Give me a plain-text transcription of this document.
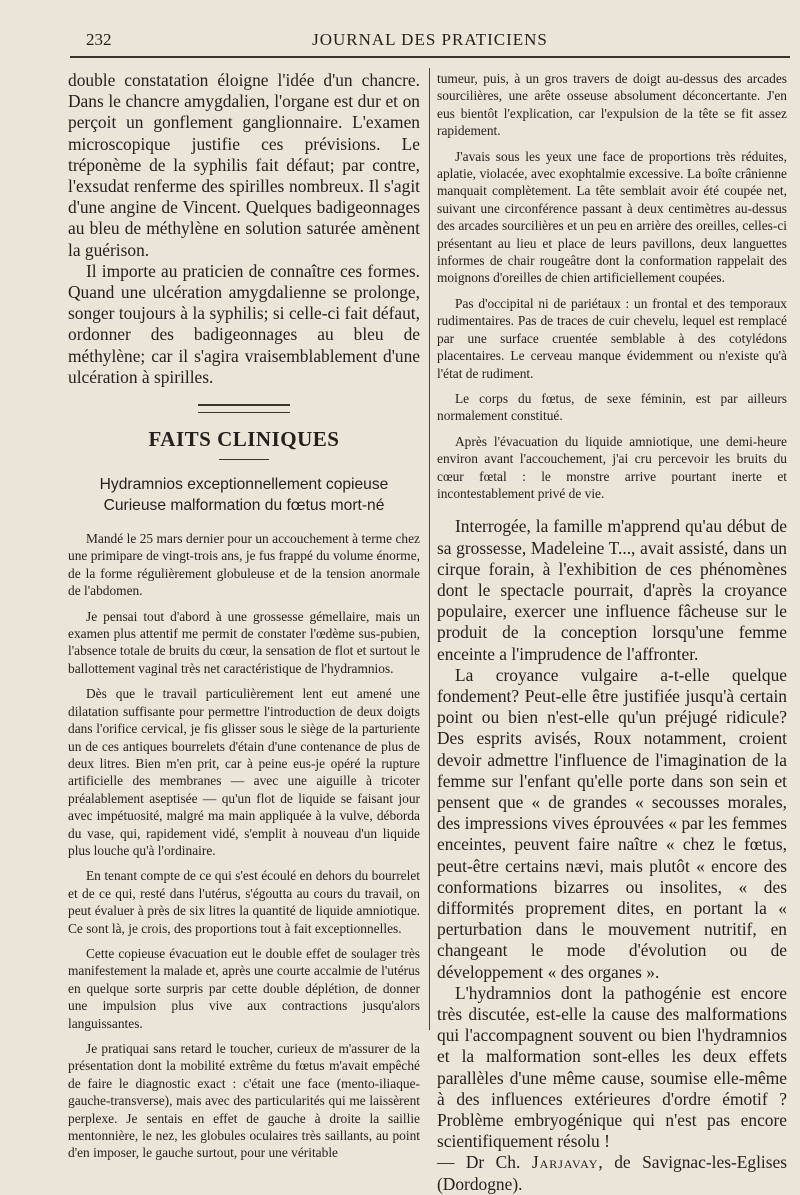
232	JOURNAL DES PRATICIENS

double constatation éloigne l'idée d'un chancre. Dans le chancre amygdalien, l'organe est dur et on perçoit un gonflement ganglionnaire. L'examen microscopique justifie ces prévisions. Le tréponème de la syphilis fait défaut; par contre, l'exsudat renferme des spirilles nombreux. Il s'agit d'une angine de Vincent. Quelques badigeonnages au bleu de méthylène en solution saturée amènent la guérison.

Il importe au praticien de connaître ces formes. Quand une ulcération amygdalienne se prolonge, songer toujours à la syphilis; si celle-ci fait défaut, ordonner des badigeonnages au bleu de méthylène; car il s'agira vraisemblablement d'une ulcération à spirilles.

FAITS CLINIQUES

Hydramnios exceptionnellement copieuse

Curieuse malformation du fœtus mort-né

Mandé le 25 mars dernier pour un accouchement à terme chez une primipare de vingt-trois ans, je fus frappé du volume énorme, de la forme régulièrement globuleuse et de la tension anormale de l'abdomen.

Je pensai tout d'abord à une grossesse gémellaire, mais un examen plus attentif me permit de constater l'œdème sus-pubien, l'absence totale de bruits du cœur, la sensation de flot et surtout le ballottement vaginal très net caractéristique de l'hydramnios.

Dès que le travail particulièrement lent eut amené une dilatation suffisante pour permettre l'introduction de deux doigts dans l'orifice cervical, je fis glisser sous le siège de la parturiente un de ces antiques bourrelets d'étain d'une contenance de plus de deux litres. Bien m'en prit, car à peine eus-je opéré la rupture artificielle des membranes — avec une aiguille à tricoter préalablement aseptisée — qu'un flot de liquide se faisant jour avec impétuosité, malgré ma main appliquée à la vulve, déborda du vase, qui, rapidement vidé, s'emplit à nouveau d'un liquide plus louche qu'à l'ordinaire.

En tenant compte de ce qui s'est écoulé en dehors du bourrelet et de ce qui, resté dans l'utérus, s'égoutta au cours du travail, on peut évaluer à près de six litres la quantité de liquide amniotique. Ce sont là, je crois, des proportions tout à fait exceptionnelles.

Cette copieuse évacuation eut le double effet de soulager très manifestement la malade et, après une courte accalmie de l'utérus en quelque sorte surpris par cette double déplétion, de donner une impulsion plus vive aux contractions jusqu'alors languissantes.

Je pratiquai sans retard le toucher, curieux de m'assurer de la présentation dont la mobilité extrême du fœtus m'avait empêché de faire le diagnostic exact : c'était une face (mento-iliaque-gauche-transverse), mais avec des particularités qui me laissèrent perplexe. Je sentais en effet de gauche à droite la saillie mentonnière, le nez, les globules oculaires très saillants, au point d'en imposer, le gauche surtout, pour une véritable

tumeur, puis, à un gros travers de doigt au-dessus des arcades sourcilières, une arête osseuse absolument déconcertante. J'en eus bientôt l'explication, car l'expulsion de la tête se fit assez rapidement.

J'avais sous les yeux une face de proportions très réduites, aplatie, violacée, avec exophtalmie excessive. La boîte crânienne manquait complètement. La tête semblait avoir été coupée net, suivant une circonférence passant à deux centimètres au-dessus des arcades sourcilières et un peu en arrière des oreilles, celles-ci présentant au lieu et place de leurs pavillons, deux languettes informes de chair rougeâtre dont la conformation rappelait des moignons d'oreilles de chien artificiellement coupées.

Pas d'occipital ni de pariétaux : un frontal et des temporaux rudimentaires. Pas de traces de cuir chevelu, lequel est remplacé par une surface cruentée semblable à des cotylédons placentaires. Le cerveau manque évidemment ou n'existe qu'à l'état de rudiment.

Le corps du fœtus, de sexe féminin, est par ailleurs normalement constitué.

Après l'évacuation du liquide amniotique, une demi-heure environ avant l'accouchement, j'ai cru percevoir les bruits du cœur fœtal : le monstre arrive pourtant inerte et incontestablement privé de vie.

Interrogée, la famille m'apprend qu'au début de sa grossesse, Madeleine T..., avait assisté, dans un cirque forain, à l'exhibition de ces phénomènes dont le spectacle pourrait, d'après la croyance populaire, exercer une influence fâcheuse sur le produit de la conception lorsqu'une femme enceinte a l'imprudence de l'affronter.

La croyance vulgaire a-t-elle quelque fondement? Peut-elle être justifiée jusqu'à certain point ou bien n'est-elle qu'un préjugé ridicule? Des esprits avisés, Roux notamment, croient devoir admettre l'influence de l'imagination de la femme sur l'enfant qu'elle porte dans son sein et pensent que « de grandes « secousses morales, des impressions vives éprouvées « par les femmes enceintes, peuvent faire naître « chez le fœtus, peut-être certains nævi, mais plutôt « encore des conformations bizarres ou insolites, « des difformités proprement dites, en portant la « perturbation dans le mouvement nutritif, en changeant le mode d'évolution ou de développement « des organes ».

L'hydramnios dont la pathogénie est encore très discutée, est-elle la cause des malformations qui l'accompagnent souvent ou bien l'hydramnios et la malformation sont-elles les deux effets parallèles d'une même cause, soumise elle-même à des influences extérieures d'ordre émotif ? Problème embryogénique qui n'est pas encore scientifiquement résolu !

— Dr Ch. Jarjavay, de Savignac-les-Eglises (Dordogne).
